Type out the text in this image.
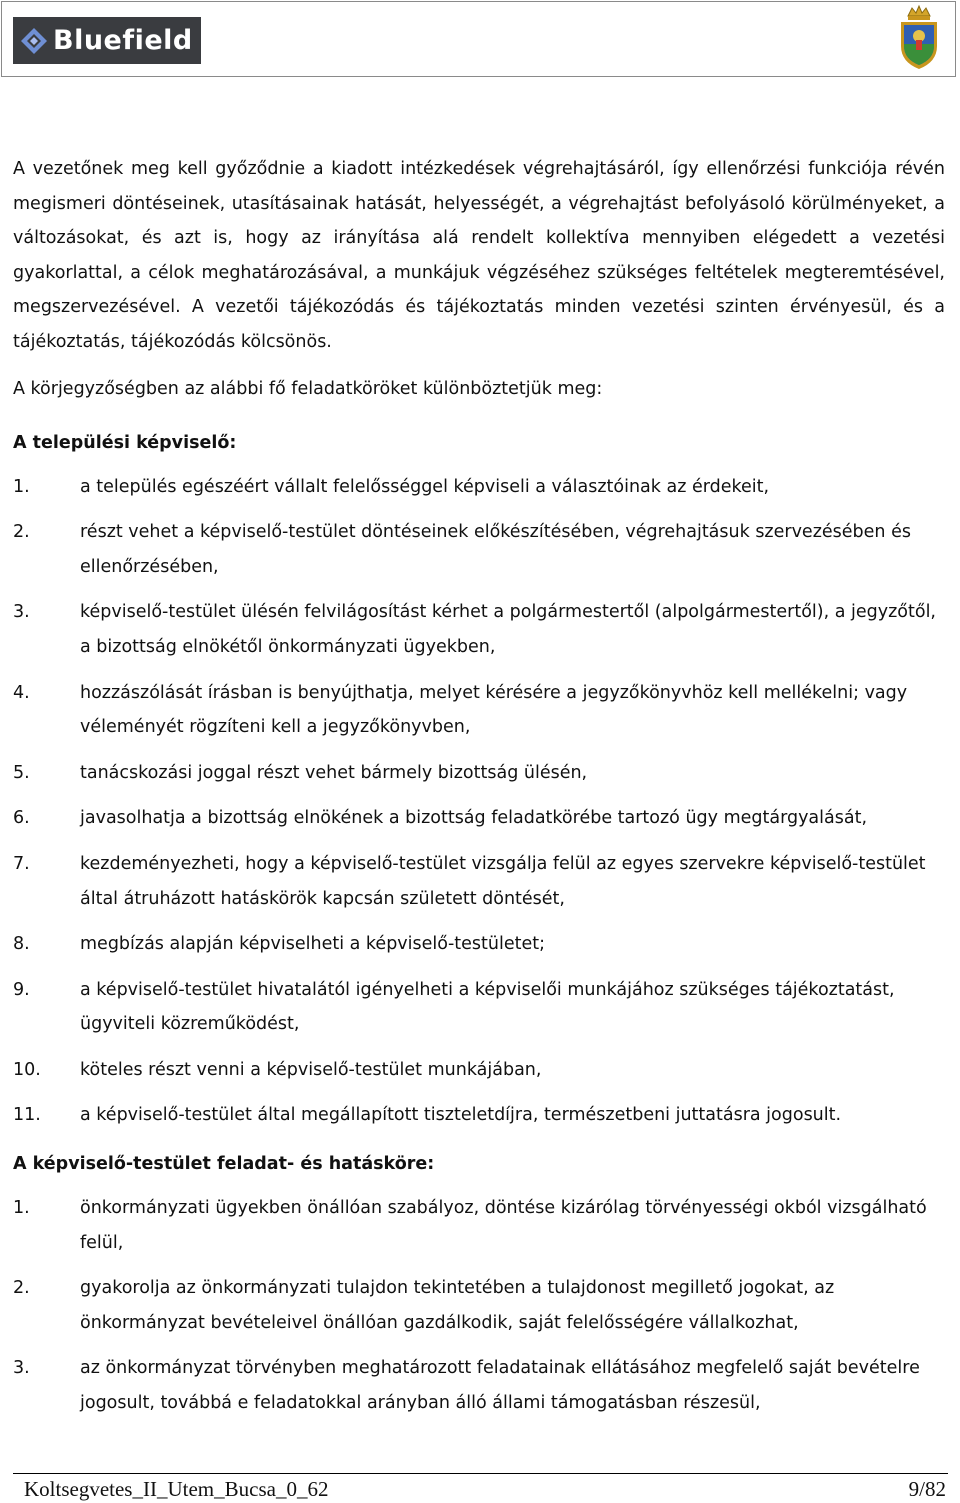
Bluefield

A vezetőnek meg kell győződnie a kiadott intézkedések végrehajtásáról, így ellenőrzési funkciója révén megismeri döntéseinek, utasításainak hatását, helyességét, a végrehajtást befolyásoló körülményeket, a változásokat, és azt is, hogy az irányítása alá rendelt kollektíva mennyiben elégedett a vezetési gyakorlattal, a célok meghatározásával, a munkájuk végzéséhez szükséges feltételek megteremtésével, megszervezésével. A vezetői tájékozódás és tájékoztatás minden vezetési szinten érvényesül, és a tájékoztatás, tájékozódás kölcsönös.

A körjegyzőségben az alábbi fő feladatköröket különböztetjük meg:

A települési képviselő:

1.	a település egészéért vállalt felelősséggel képviseli a választóinak az érdekeit,
2.	részt vehet a képviselő-testület döntéseinek előkészítésében, végrehajtásuk szervezésében és ellenőrzésében,
3.	képviselő-testület ülésén felvilágosítást kérhet a polgármestertől (alpolgármestertől), a jegyzőtől, a bizottság elnökétől önkormányzati ügyekben,
4.	hozzászólását írásban is benyújthatja, melyet kérésére a jegyzőkönyvhöz kell mellékelni; vagy véleményét rögzíteni kell a jegyzőkönyvben,
5.	tanácskozási joggal részt vehet bármely bizottság ülésén,
6.	javasolhatja a bizottság elnökének a bizottság feladatkörébe tartozó ügy megtárgyalását,
7.	kezdeményezheti, hogy a képviselő-testület vizsgálja felül az egyes szervekre képviselő-testület által átruházott hatáskörök kapcsán született döntését,
8.	megbízás alapján képviselheti a képviselő-testületet;
9.	a képviselő-testület hivatalától igényelheti a képviselői munkájához szükséges tájékoztatást, ügyviteli közreműködést,
10.	köteles részt venni a képviselő-testület munkájában,
11.	a képviselő-testület által megállapított tiszteletdíjra, természetbeni juttatásra jogosult.

A képviselő-testület feladat- és hatásköre:

1.	önkormányzati ügyekben önállóan szabályoz, döntése kizárólag törvényességi okból vizsgálható felül,
2.	gyakorolja az önkormányzati tulajdon tekintetében a tulajdonost megillető jogokat, az önkormányzat bevételeivel önállóan gazdálkodik, saját felelősségére vállalkozhat,
3.	az önkormányzat törvényben meghatározott feladatainak ellátásához megfelelő saját bevételre jogosult, továbbá e feladatokkal arányban álló állami támogatásban részesül,
Koltsegvetes_II_Utem_Bucsa_0_62	9/82
